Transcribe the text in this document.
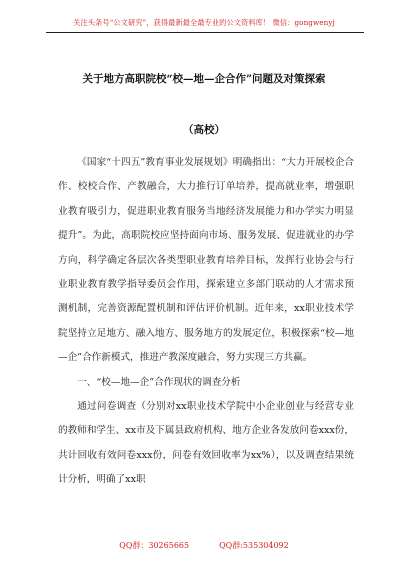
关注头条号“公文研究”，获得最新最全最专业的公文资料库！ 微信：gongwenyj
关于地方高职院校“校—地—企合作”问题及对策探索
（高校）

《国家“十四五”教育事业发展规划》明确指出：“大力开展校企合作、校校合作、产教融合，大力推行订单培养，提高就业率，增强职业教育吸引力，促进职业教育服务当地经济发展能力和办学实力明显提升”。为此，高职院校应坚持面向市场、服务发展、促进就业的办学方向，科学确定各层次各类型职业教育培养目标，发挥行业协会与行业职业教育教学指导委员会作用，探索建立多部门联动的人才需求预测机制，完善资源配置机制和评估评价机制。近年来，xx职业技术学院坚持立足地方、融入地方、服务地方的发展定位，积极探索“校—地—企”合作新模式，推进产教深度融合，努力实现三方共赢。

一、“校—地—企”合作现状的调查分析

通过问卷调查（分别对xx职业技术学院中小企业创业与经营专业的教师和学生、xx市及下属县政府机构、地方企业各发放问卷xxx份，共计回收有效问卷xxx份，问卷有效回收率为xx%），以及调查结果统计分析，明确了xx职

QQ群：30265665	QQ群:535304092
